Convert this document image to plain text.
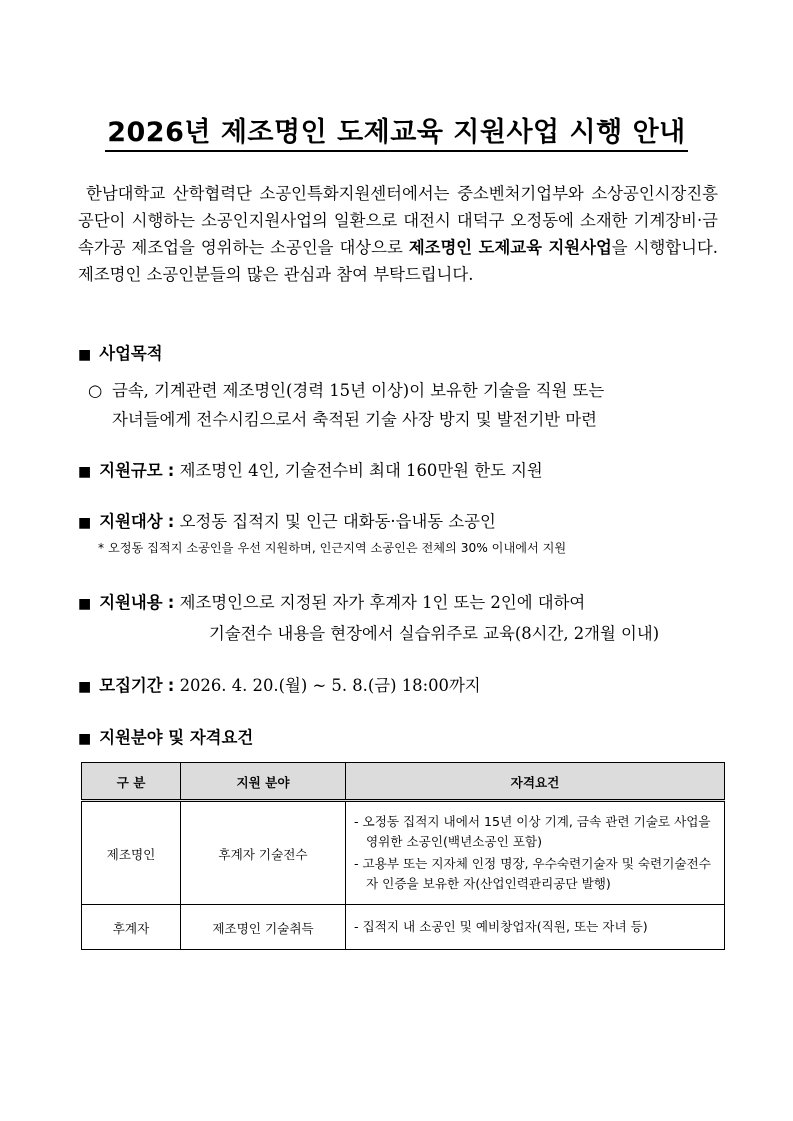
2026년 제조명인 도제교육 지원사업 시행 안내
한남대학교 산학협력단 소공인특화지원센터에서는 중소벤처기업부와 소상공인시장진흥공단이 시행하는 소공인지원사업의 일환으로 대전시 대덕구 오정동에 소재한 기계장비·금속가공 제조업을 영위하는 소공인을 대상으로 제조명인 도제교육 지원사업을 시행합니다. 제조명인 소공인분들의 많은 관심과 참여 부탁드립니다.
■ 사업목적
○ 금속, 기계관련 제조명인(경력 15년 이상)이 보유한 기술을 직원 또는
자녀들에게 전수시킴으로서 축적된 기술 사장 방지 및 발전기반 마련
■ 지원규모 : 제조명인 4인, 기술전수비 최대 160만원 한도 지원
■ 지원대상 : 오정동 집적지 및 인근 대화동·읍내동 소공인
* 오정동 집적지 소공인을 우선 지원하며, 인근지역 소공인은 전체의 30% 이내에서 지원
■ 지원내용 : 제조명인으로 지정된 자가 후계자 1인 또는 2인에 대하여
기술전수 내용을 현장에서 실습위주로 교육(8시간, 2개월 이내)
■ 모집기간 : 2026. 4. 20.(월) ~ 5. 8.(금) 18:00까지
■ 지원분야 및 자격요건
구 분	지원 분야	자격요건
제조명인	후계자 기술전수	- 오정동 집적지 내에서 15년 이상 기계, 금속 관련 기술로 사업을 영위한 소공인(백년소공인 포함)
- 고용부 또는 지자체 인정 명장, 우수숙련기술자 및 숙련기술전수자 인증을 보유한 자(산업인력관리공단 발행)

후계자	제조명인 기술취득	- 집적지 내 소공인 및 예비창업자(직원, 또는 자녀 등)
